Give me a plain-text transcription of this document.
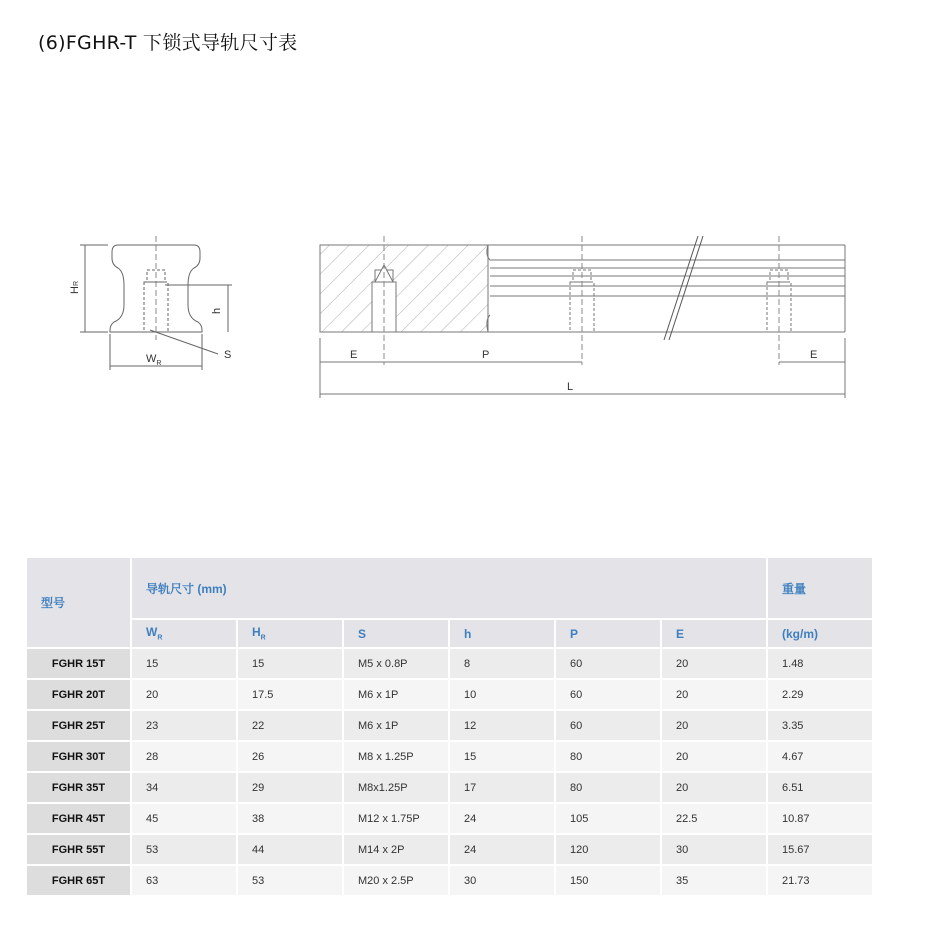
(6)FGHR-T 下锁式导轨尺寸表
HR
h
$W_R$
S	E	P	E
L
型号	导轨尺寸 (mm)						重量
	$W_R$	$H_R$	S	h	P	E	(kg/m)
FGHR 15T	15	15	M5 x 0.8P	8	60	20	1.48
FGHR 20T	20	17.5	M6 x 1P	10	60	20	2.29
FGHR 25T	23	22	M6 x 1P	12	60	20	3.35
FGHR 30T	28	26	M8 x 1.25P	15	80	20	4.67
FGHR 35T	34	29	M8x1.25P	17	80	20	6.51
FGHR 45T	45	38	M12 x 1.75P	24	105	22.5	10.87
FGHR 55T	53	44	M14 x 2P	24	120	30	15.67
FGHR 65T	63	53	M20 x 2.5P	30	150	35	21.73
